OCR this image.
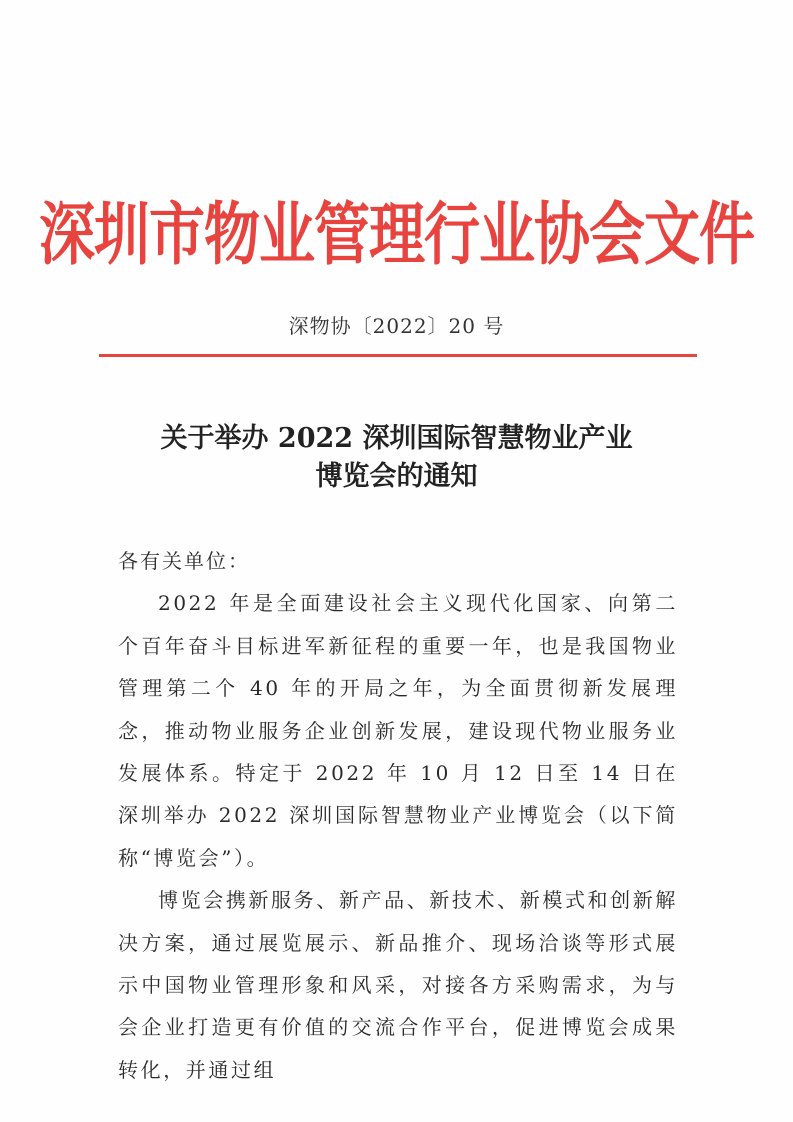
深圳市物业管理行业协会文件
深物协〔2022〕20 号
关于举办 2022 深圳国际智慧物业产业
博览会的通知

各有关单位：

2022 年是全面建设社会主义现代化国家、向第二个百年奋斗目标进军新征程的重要一年，也是我国物业管理第二个 40 年的开局之年，为全面贯彻新发展理念，推动物业服务企业创新发展，建设现代物业服务业发展体系。特定于 2022 年 10 月 12 日至 14 日在深圳举办 2022 深圳国际智慧物业产业博览会（以下简称“博览会”）。

博览会携新服务、新产品、新技术、新模式和创新解决方案，通过展览展示、新品推介、现场洽谈等形式展示中国物业管理形象和风采，对接各方采购需求，为与会企业打造更有价值的交流合作平台，促进博览会成果转化，并通过组
